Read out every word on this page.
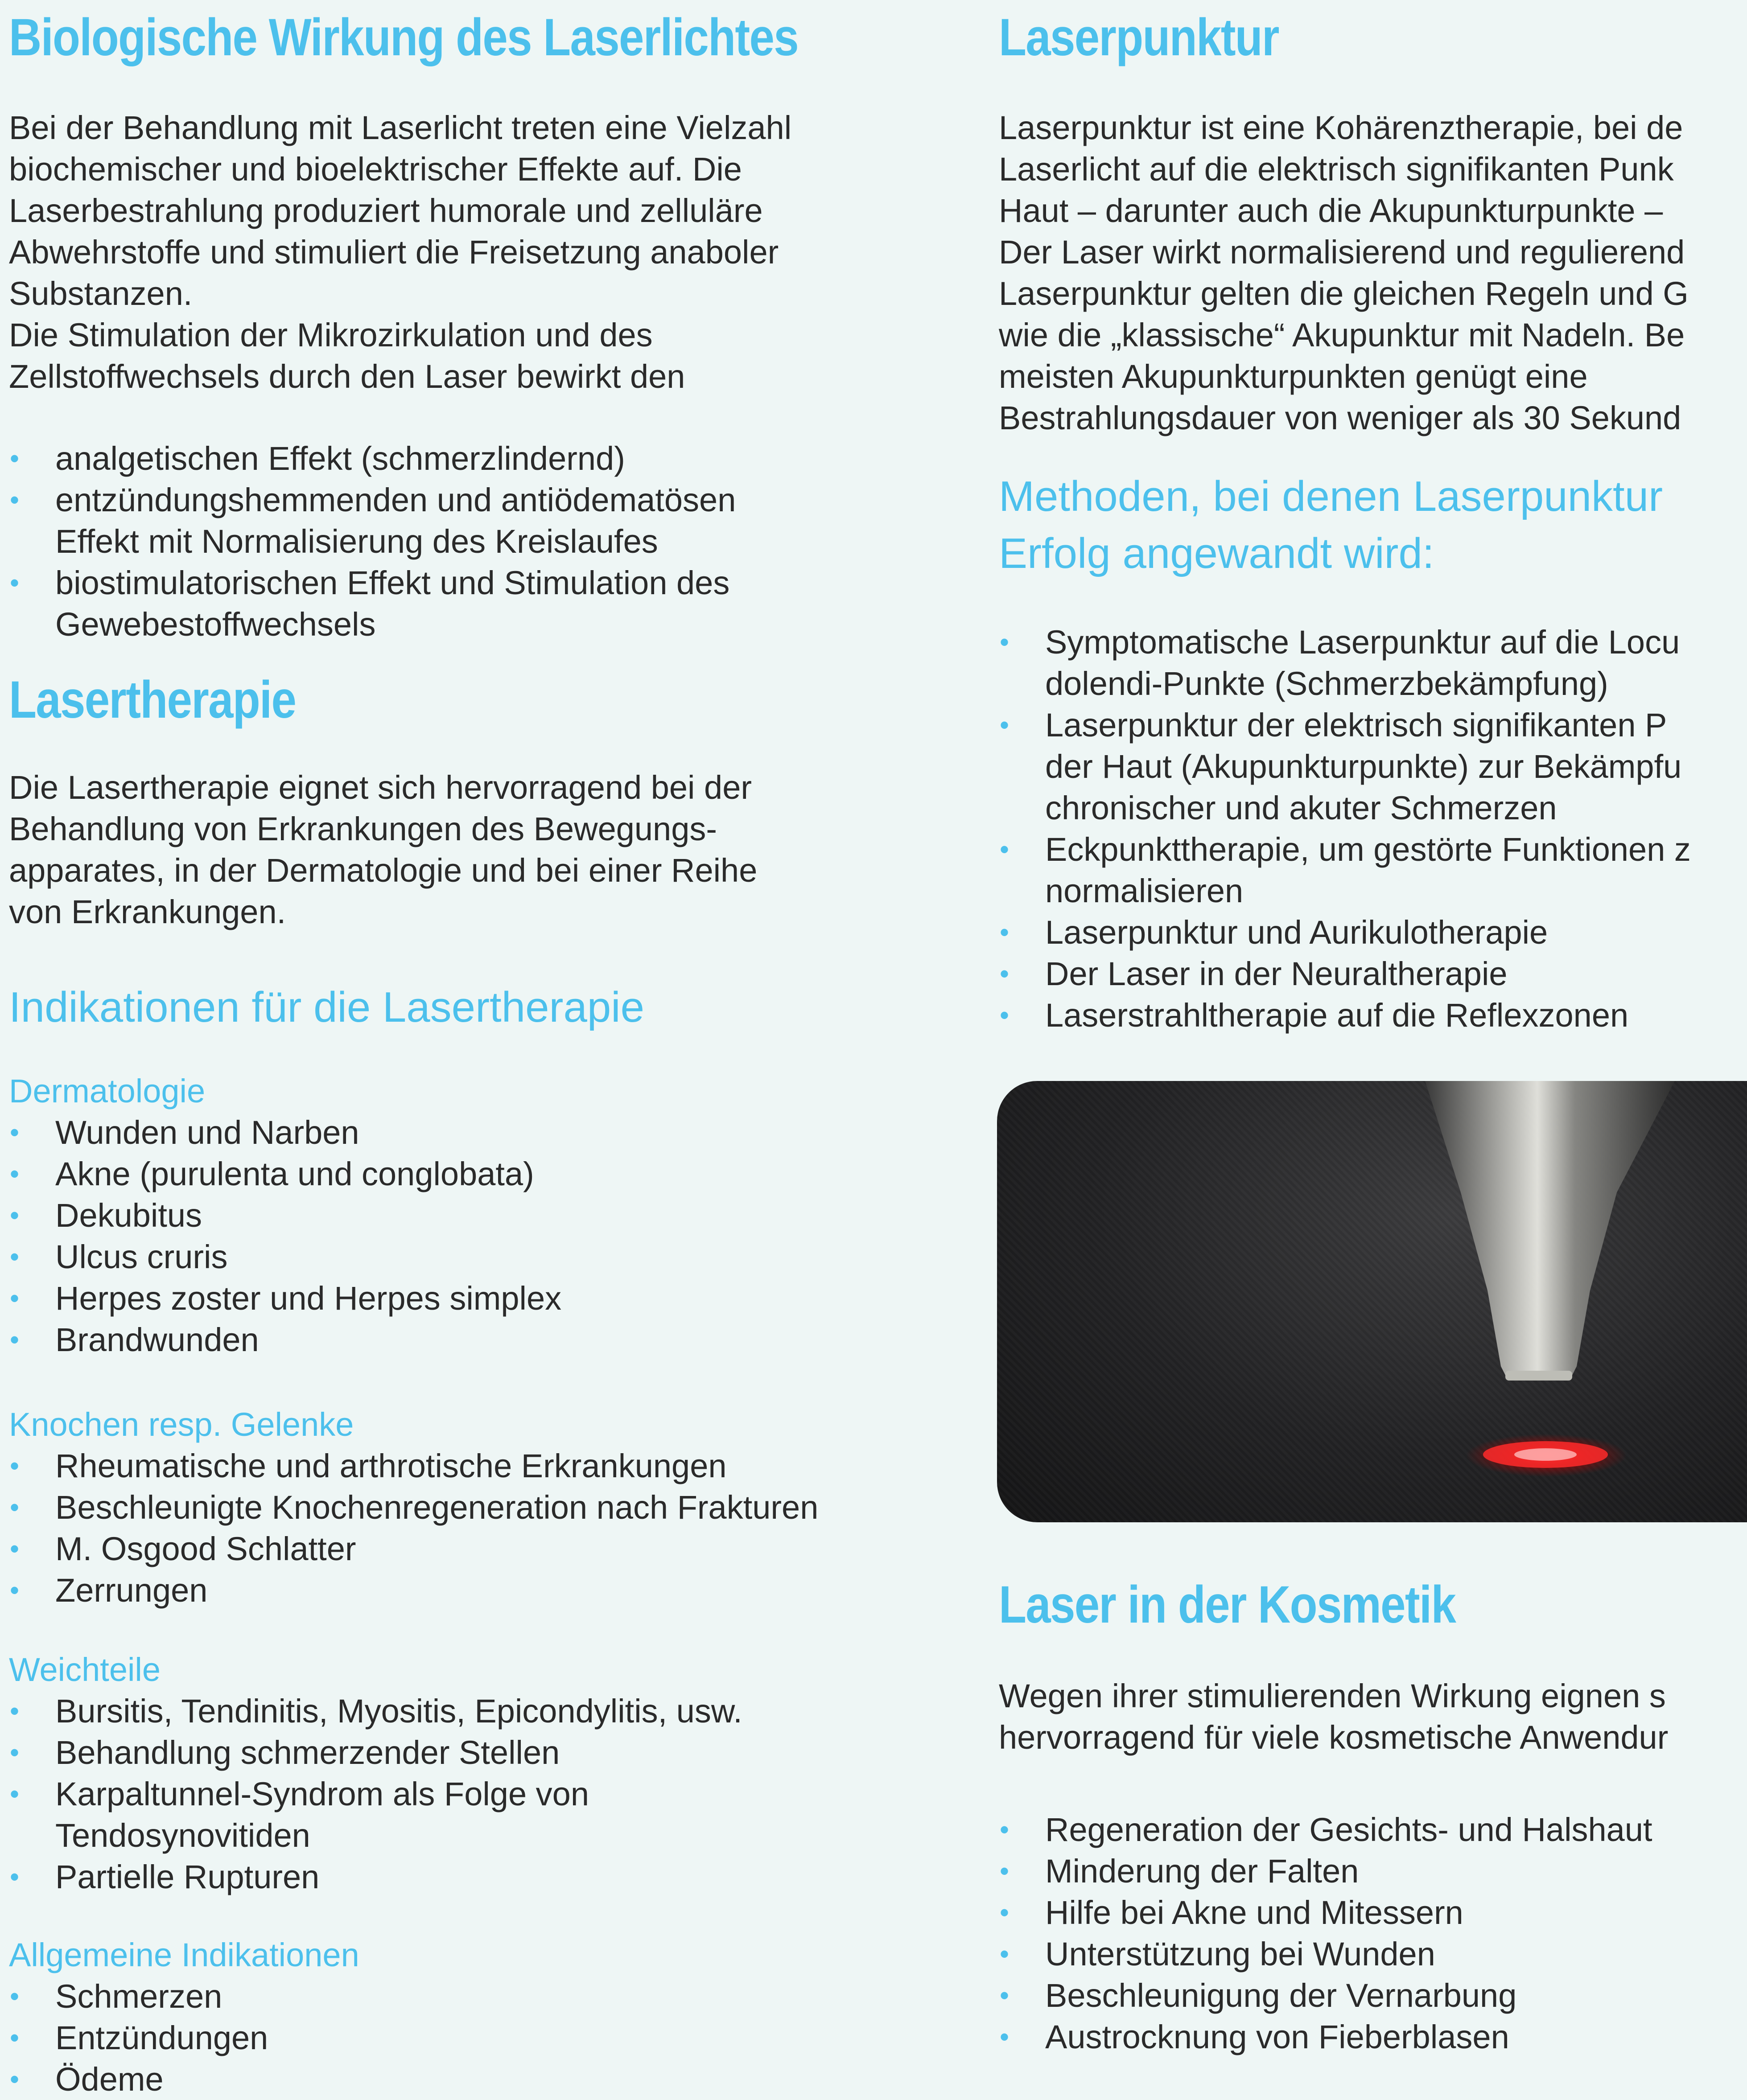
Biologische Wirkung des Laserlichtes
Bei der Behandlung mit Laserlicht treten eine Vielzahl
biochemischer und bioelektrischer Effekte auf. Die
Laserbestrahlung produziert humorale und zelluläre
Abwehrstoffe und stimuliert die Freisetzung anaboler
Substanzen.
Die Stimulation der Mikrozirkulation und des
Zellstoffwechsels durch den Laser bewirkt den
• analgetischen Effekt (schmerzlindernd)
• entzündungshemmenden und antiödematösen
Effekt mit Normalisierung des Kreislaufes
• biostimulatorischen Effekt und Stimulation des
Gewebestoffwechsels
Lasertherapie
Die Lasertherapie eignet sich hervorragend bei der
Behandlung von Erkrankungen des Bewegungs-
apparates, in der Dermatologie und bei einer Reihe
von Erkrankungen.
Indikationen für die Lasertherapie
Dermatologie
• Wunden und Narben
• Akne (purulenta und conglobata)
• Dekubitus
• Ulcus cruris
• Herpes zoster und Herpes simplex
• Brandwunden
Knochen resp. Gelenke
• Rheumatische und arthrotische Erkrankungen
• Beschleunigte Knochenregeneration nach Frakturen
• M. Osgood Schlatter
• Zerrungen
Weichteile
• Bursitis, Tendinitis, Myositis, Epicondylitis, usw.
• Behandlung schmerzender Stellen
• Karpaltunnel-Syndrom als Folge von
Tendosynovitiden
• Partielle Rupturen
Allgemeine Indikationen
• Schmerzen
• Entzündungen
• Ödeme
Laserpunktur
Laserpunktur ist eine Kohärenztherapie, bei de
Laserlicht auf die elektrisch signifikanten Punk
Haut – darunter auch die Akupunkturpunkte –
Der Laser wirkt normalisierend und regulierend
Laserpunktur gelten die gleichen Regeln und G
wie die „klassische“ Akupunktur mit Nadeln. Be
meisten Akupunkturpunkten genügt eine
Bestrahlungsdauer von weniger als 30 Sekund
Methoden, bei denen Laserpunktur
Erfolg angewandt wird:
• Symptomatische Laserpunktur auf die Locu
dolendi-Punkte (Schmerzbekämpfung)
• Laserpunktur der elektrisch signifikanten P
der Haut (Akupunkturpunkte) zur Bekämpfu
chronischer und akuter Schmerzen
• Eckpunkttherapie, um gestörte Funktionen z
normalisieren
• Laserpunktur und Aurikulotherapie
• Der Laser in der Neuraltherapie
• Laserstrahltherapie auf die Reflexzonen
Laser in der Kosmetik
Wegen ihrer stimulierenden Wirkung eignen s
hervorragend für viele kosmetische Anwendur
• Regeneration der Gesichts- und Halshaut
• Minderung der Falten
• Hilfe bei Akne und Mitessern
• Unterstützung bei Wunden
• Beschleunigung der Vernarbung
• Austrocknung von Fieberblasen
